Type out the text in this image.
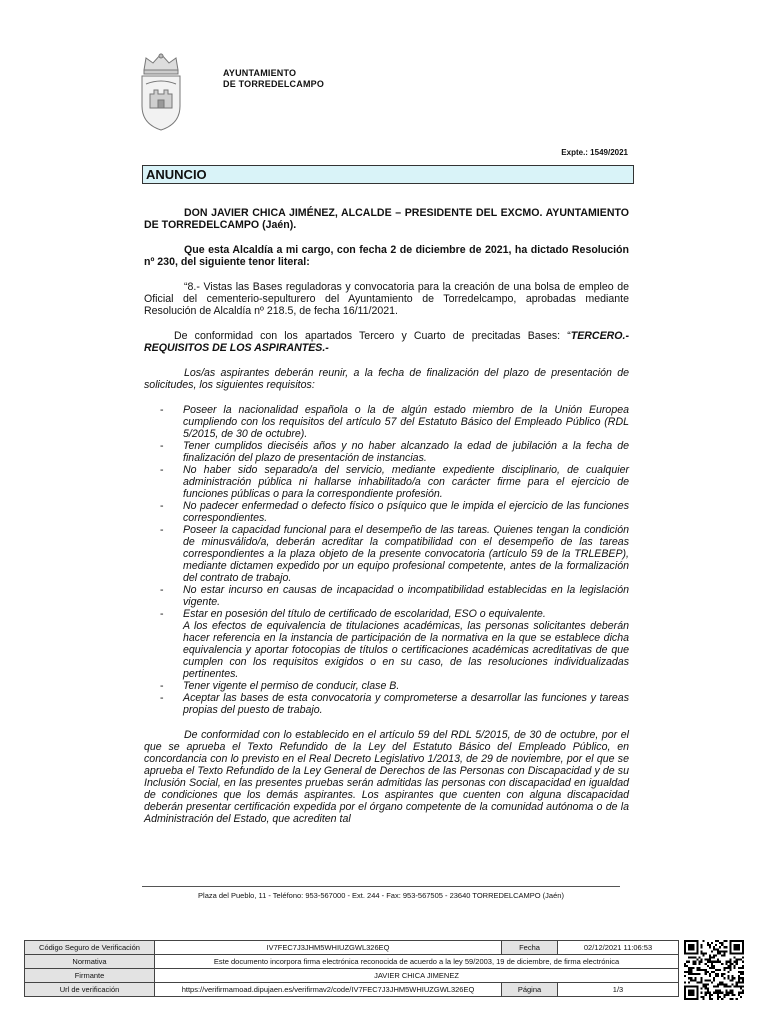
AYUNTAMIENTO
DE TORREDELCAMPO
Expte.: 1549/2021
ANUNCIO

DON JAVIER CHICA JIMÉNEZ, ALCALDE – PRESIDENTE DEL EXCMO. AYUNTAMIENTO DE TORREDELCAMPO (Jaén).

Que esta Alcaldía a mi cargo, con fecha 2 de diciembre de 2021, ha dictado Resolución nº 230, del siguiente tenor literal:

“8.- Vistas las Bases reguladoras y convocatoria para la creación de una bolsa de empleo de Oficial del cementerio-sepulturero del Ayuntamiento de Torredelcampo, aprobadas mediante Resolución de Alcaldía nº 218.5, de fecha 16/11/2021.

De conformidad con los apartados Tercero y Cuarto de precitadas Bases: “TERCERO.- REQUISITOS DE LOS ASPIRANTES.-

Los/as aspirantes deberán reunir, a la fecha de finalización del plazo de presentación de solicitudes, los siguientes requisitos:

- Poseer la nacionalidad española o la de algún estado miembro de la Unión Europea cumpliendo con los requisitos del artículo 57 del Estatuto Básico del Empleado Público (RDL 5/2015, de 30 de octubre).
- Tener cumplidos dieciséis años y no haber alcanzado la edad de jubilación a la fecha de finalización del plazo de presentación de instancias.
- No haber sido separado/a del servicio, mediante expediente disciplinario, de cualquier administración pública ni hallarse inhabilitado/a con carácter firme para el ejercicio de funciones públicas o para la correspondiente profesión.
- No padecer enfermedad o defecto físico o psíquico que le impida el ejercicio de las funciones correspondientes.
- Poseer la capacidad funcional para el desempeño de las tareas. Quienes tengan la condición de minusválido/a, deberán acreditar la compatibilidad con el desempeño de las tareas correspondientes a la plaza objeto de la presente convocatoria (artículo 59 de la TRLEBEP), mediante dictamen expedido por un equipo profesional competente, antes de la formalización del contrato de trabajo.
- No estar incurso en causas de incapacidad o incompatibilidad establecidas en la legislación vigente.
- Estar en posesión del título de certificado de escolaridad, ESO o equivalente.
A los efectos de equivalencia de titulaciones académicas, las personas solicitantes deberán hacer referencia en la instancia de participación de la normativa en la que se establece dicha equivalencia y aportar fotocopias de títulos o certificaciones académicas acreditativas de que cumplen con los requisitos exigidos o en su caso, de las resoluciones individualizadas pertinentes.
- Tener vigente el permiso de conducir, clase B.
- Aceptar las bases de esta convocatoria y comprometerse a desarrollar las funciones y tareas propias del puesto de trabajo.

De conformidad con lo establecido en el artículo 59 del RDL 5/2015, de 30 de octubre, por el que se aprueba el Texto Refundido de la Ley del Estatuto Básico del Empleado Público, en concordancia con lo previsto en el Real Decreto Legislativo 1/2013, de 29 de noviembre, por el que se aprueba el Texto Refundido de la Ley General de Derechos de las Personas con Discapacidad y de su Inclusión Social, en las presentes pruebas serán admitidas las personas con discapacidad en igualdad de condiciones que los demás aspirantes. Los aspirantes que cuenten con alguna discapacidad deberán presentar certificación expedida por el órgano competente de la comunidad autónoma o de la Administración del Estado, que acrediten tal

Plaza del Pueblo, 11 - Teléfono: 953-567000 - Ext. 244 - Fax: 953-567505 - 23640 TORREDELCAMPO (Jaén)
Código Seguro de Verificación	IV7FEC7J3JHM5WHIUZGWL326EQ	Fecha	02/12/2021 11:06:53
Normativa	Este documento incorpora firma electrónica reconocida de acuerdo a la ley 59/2003, 19 de diciembre, de firma electrónica		
Firmante	JAVIER CHICA JIMENEZ		
Url de verificación	https://verifirmamoad.dipujaen.es/verifirmav2/code/IV7FEC7J3JHM5WHIUZGWL326EQ	Página	1/3
